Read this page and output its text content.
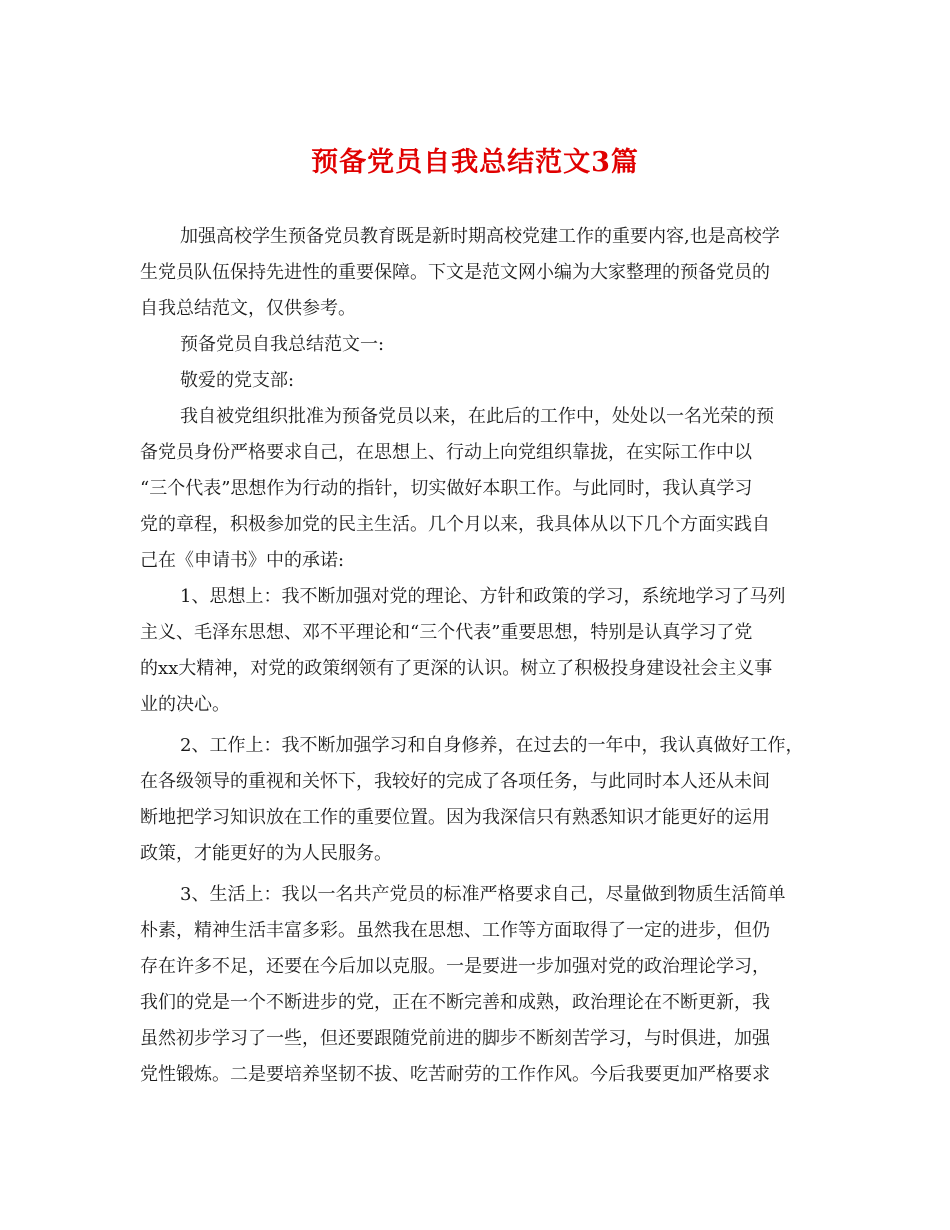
预备党员自我总结范文3篇
加强高校学生预备党员教育既是新时期高校党建工作的重要内容,也是高校学
生党员队伍保持先进性的重要保障。下文是范文网小编为大家整理的预备党员的
自我总结范文，仅供参考。
预备党员自我总结范文一:
敬爱的党支部:
我自被党组织批准为预备党员以来，在此后的工作中，处处以一名光荣的预
备党员身份严格要求自己，在思想上、行动上向党组织靠拢，在实际工作中以
“三个代表”思想作为行动的指针，切实做好本职工作。与此同时，我认真学习
党的章程，积极参加党的民主生活。几个月以来，我具体从以下几个方面实践自
己在《申请书》中的承诺:
1、思想上：我不断加强对党的理论、方针和政策的学习，系统地学习了马列
主义、毛泽东思想、邓不平理论和“三个代表”重要思想，特别是认真学习了党
的xx大精神，对党的政策纲领有了更深的认识。树立了积极投身建设社会主义事
业的决心。
2、工作上：我不断加强学习和自身修养，在过去的一年中，我认真做好工作，
在各级领导的重视和关怀下，我较好的完成了各项任务，与此同时本人还从未间
断地把学习知识放在工作的重要位置。因为我深信只有熟悉知识才能更好的运用
政策，才能更好的为人民服务。
3、生活上：我以一名共产党员的标准严格要求自己，尽量做到物质生活简单
朴素，精神生活丰富多彩。虽然我在思想、工作等方面取得了一定的进步，但仍
存在许多不足，还要在今后加以克服。一是要进一步加强对党的政治理论学习，
我们的党是一个不断进步的党，正在不断完善和成熟，政治理论在不断更新，我
虽然初步学习了一些，但还要跟随党前进的脚步不断刻苦学习，与时俱进，加强
党性锻炼。二是要培养坚韧不拔、吃苦耐劳的工作作风。今后我要更加严格要求
